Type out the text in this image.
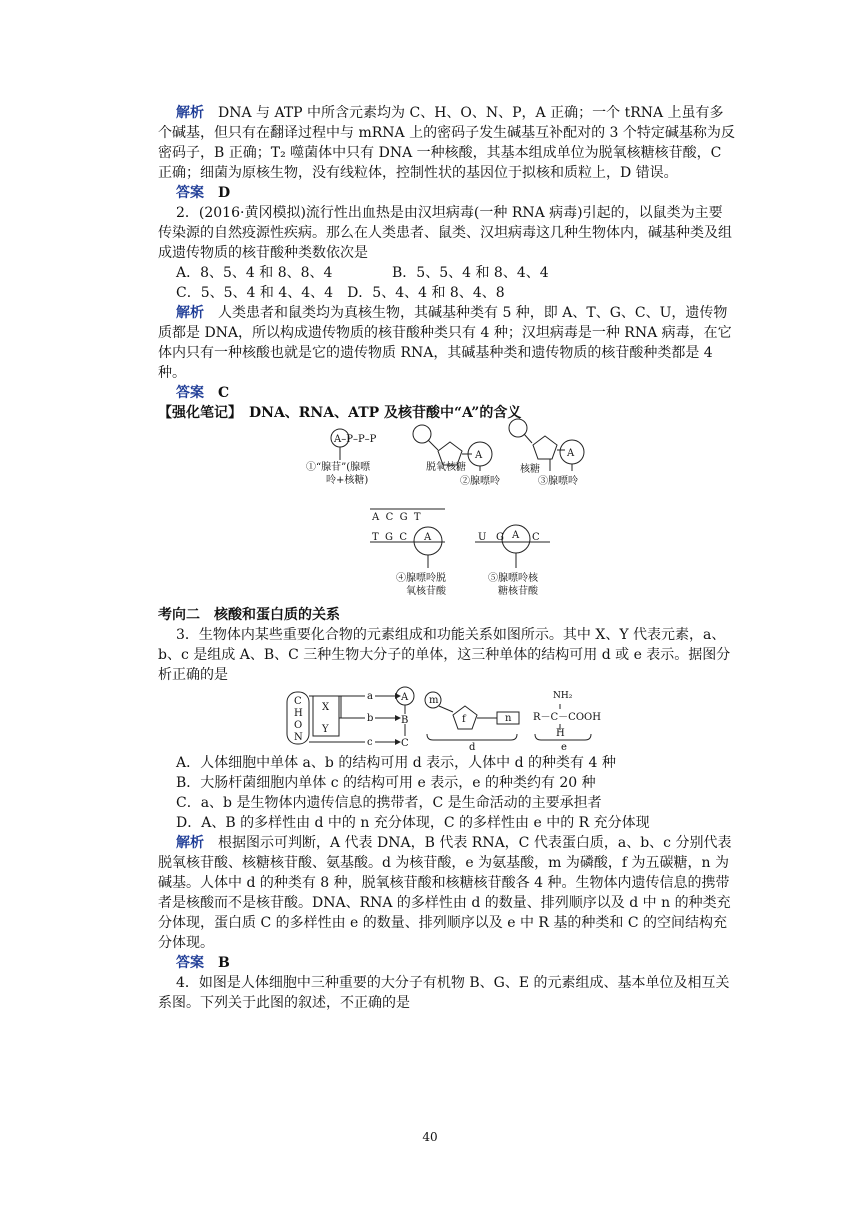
解析　 DNA 与 ATP 中所含元素均为 C、H、O、N、P，A 正确；一个 tRNA 上虽有多个碱基，但只有在翻译过程中与 mRNA 上的密码子发生碱基互补配对的 3 个特定碱基称为反密码子，B 正确；T₂ 噬菌体中只有 DNA 一种核酸，其基本组成单位为脱氧核糖核苷酸，C 正确；细菌为原核生物，没有线粒体，控制性状的基因位于拟核和质粒上，D 错误。

答案　 D

2．(2016·黄冈模拟)流行性出血热是由汉坦病毒(一种 RNA 病毒)引起的，以鼠类为主要传染源的自然疫源性疾病。那么在人类患者、鼠类、汉坦病毒这几种生物体内，碱基种类及组成遗传物质的核苷酸种类数依次是

A．8、5、4 和 8、8、4	B．5、5、4 和 8、4、4
C．5、5、4 和 4、4、4 D．5、4、4 和 8、4、8

解析　 人类患者和鼠类均为真核生物，其碱基种类有 5 种，即 A、T、G、C、U，遗传物质都是 DNA，所以构成遗传物质的核苷酸种类只有 4 种；汉坦病毒是一种 RNA 病毒，在它体内只有一种核酸也就是它的遗传物质 RNA，其碱基种类和遗传物质的核苷酸种类都是 4 种。

答案　 C

【强化笔记】　 DNA、RNA、ATP 及核苷酸中“A”的含义

A–P–P–P
①“腺苷”(腺嘌
呤+核糖)
A
脱氧核糖
②腺嘌呤
A
核糖
③腺嘌呤
A  C  G  T
T  G  C A
④腺嘌呤脱
氧核苷酸
U G A C
⑤腺嘌呤核
糖核苷酸

考向二　核酸和蛋白质的关系

3．生物体内某些重要化合物的元素组成和功能关系如图所示。其中 X、Y 代表元素，a、b、c 是组成 A、B、C 三种生物大分子的单体，这三种单体的结构可用 d 或 e 表示。据图分析正确的是

C
H
O
N
X
Y
a
b
c
A
B
C
m
f	n
d
NH₂
R－C－COOH
H
e

A．人体细胞中单体 a、b 的结构可用 d 表示，人体中 d 的种类有 4 种

B．大肠杆菌细胞内单体 c 的结构可用 e 表示，e 的种类约有 20 种

C．a、b 是生物体内遗传信息的携带者，C 是生命活动的主要承担者

D．A、B 的多样性由 d 中的 n 充分体现，C 的多样性由 e 中的 R 充分体现

解析　 根据图示可判断，A 代表 DNA，B 代表 RNA，C 代表蛋白质，a、b、c 分别代表脱氧核苷酸、核糖核苷酸、氨基酸。d 为核苷酸，e 为氨基酸，m 为磷酸，f 为五碳糖，n 为碱基。人体中 d 的种类有 8 种，脱氧核苷酸和核糖核苷酸各 4 种。生物体内遗传信息的携带者是核酸而不是核苷酸。DNA、RNA 的多样性由 d 的数量、排列顺序以及 d 中 n 的种类充分体现，蛋白质 C 的多样性由 e 的数量、排列顺序以及 e 中 R 基的种类和 C 的空间结构充分体现。

答案　 B

4．如图是人体细胞中三种重要的大分子有机物 B、G、E 的元素组成、基本单位及相互关系图。下列关于此图的叙述，不正确的是

40
